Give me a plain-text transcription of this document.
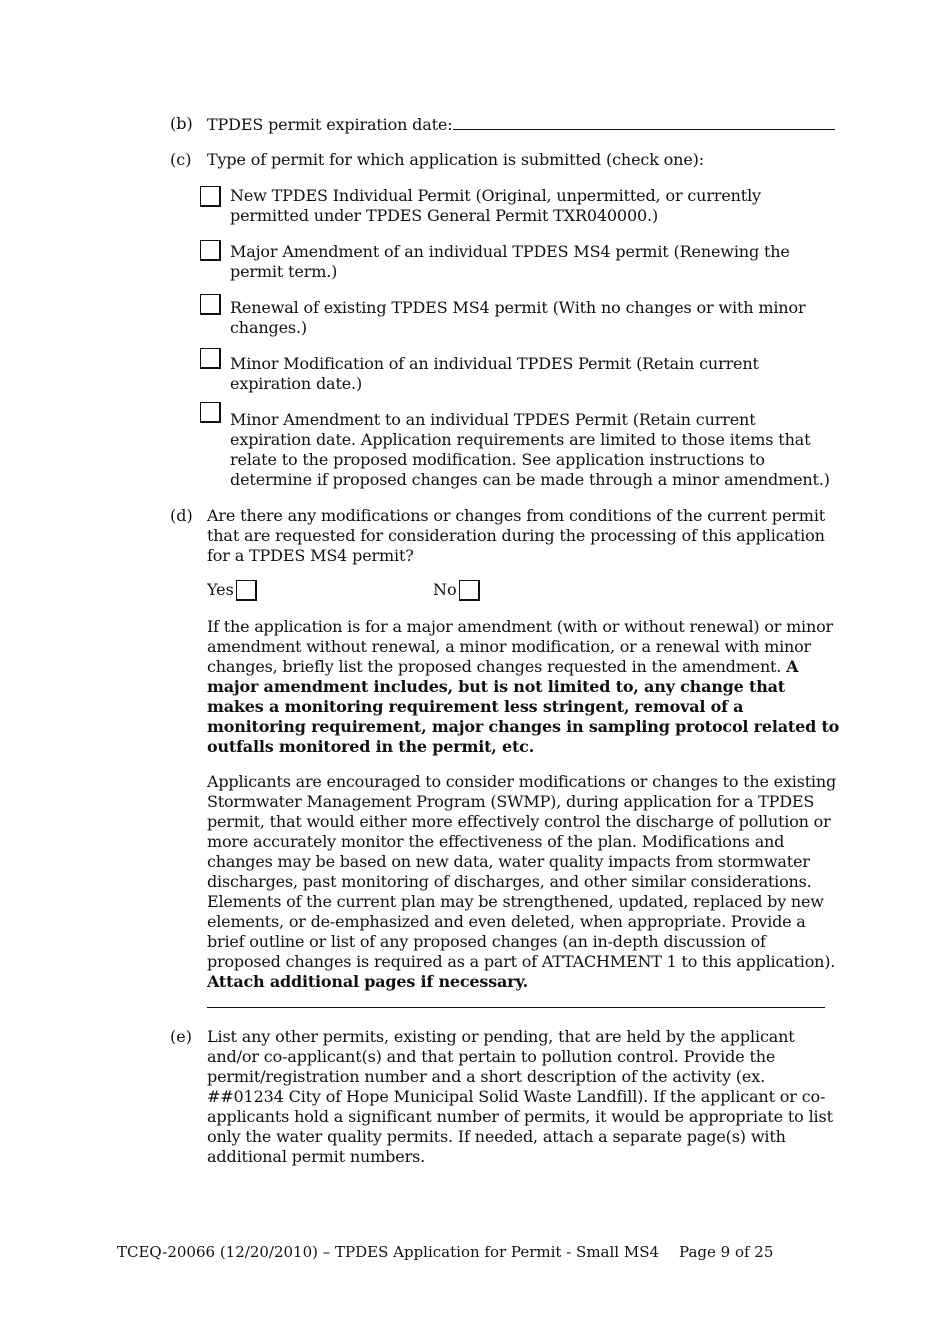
(b) TPDES permit expiration date:
(c) Type of permit for which application is submitted (check one):
New TPDES Individual Permit (Original, unpermitted, or currently permitted under TPDES General Permit TXR040000.)
Major Amendment of an individual TPDES MS4 permit (Renewing the permit term.)
Renewal of existing TPDES MS4 permit (With no changes or with minor changes.)
Minor Modification of an individual TPDES Permit (Retain current expiration date.)
Minor Amendment to an individual TPDES Permit (Retain current expiration date. Application requirements are limited to those items that relate to the proposed modification. See application instructions to determine if proposed changes can be made through a minor amendment.)
(d) Are there any modifications or changes from conditions of the current permit that are requested for consideration during the processing of this application for a TPDES MS4 permit?
Yes	No
If the application is for a major amendment (with or without renewal) or minor amendment without renewal, a minor modification, or a renewal with minor changes, briefly list the proposed changes requested in the amendment. A major amendment includes, but is not limited to, any change that makes a monitoring requirement less stringent, removal of a monitoring requirement, major changes in sampling protocol related to outfalls monitored in the permit, etc.
Applicants are encouraged to consider modifications or changes to the existing Stormwater Management Program (SWMP), during application for a TPDES permit, that would either more effectively control the discharge of pollution or more accurately monitor the effectiveness of the plan. Modifications and changes may be based on new data, water quality impacts from stormwater discharges, past monitoring of discharges, and other similar considerations. Elements of the current plan may be strengthened, updated, replaced by new elements, or de-emphasized and even deleted, when appropriate. Provide a brief outline or list of any proposed changes (an in-depth discussion of proposed changes is required as a part of ATTACHMENT 1 to this application). Attach additional pages if necessary.
(e) List any other permits, existing or pending, that are held by the applicant and/or co-applicant(s) and that pertain to pollution control. Provide the permit/registration number and a short description of the activity (ex. ##01234 City of Hope Municipal Solid Waste Landfill). If the applicant or co-applicants hold a significant number of permits, it would be appropriate to list only the water quality permits. If needed, attach a separate page(s) with additional permit numbers.
TCEQ-20066 (12/20/2010) – TPDES Application for Permit - Small MS4 Page 9 of 25
